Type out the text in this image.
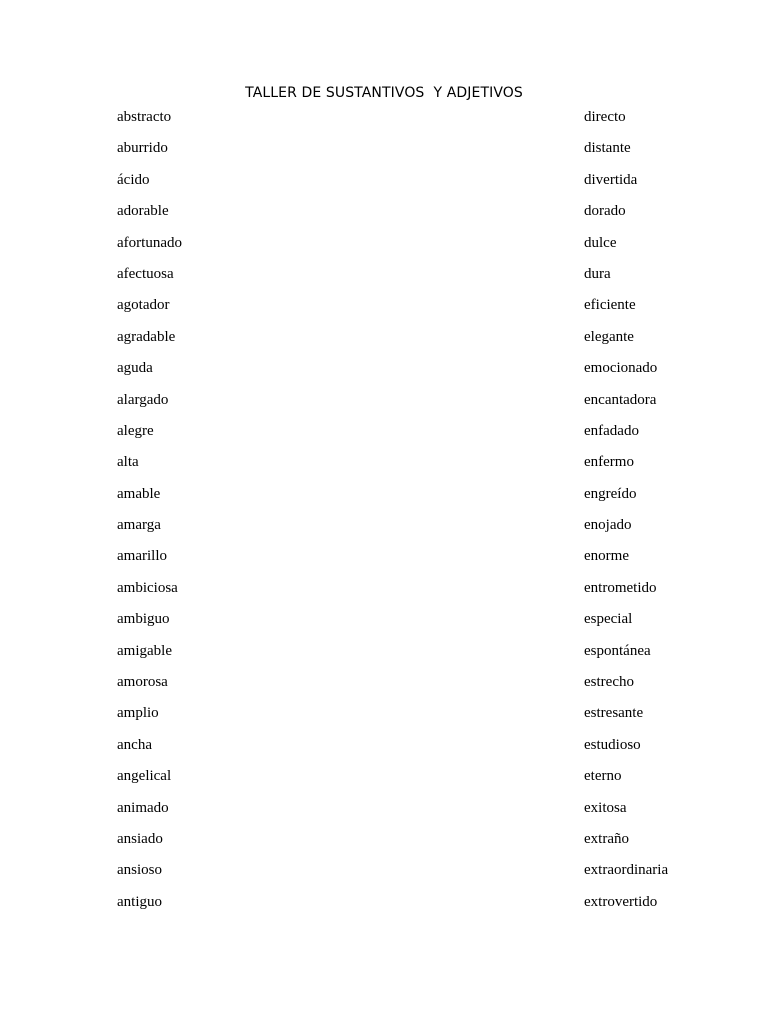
TALLER DE SUSTANTIVOS  Y ADJETIVOS
abstracto
aburrido
ácido
adorable
afortunado
afectuosa
agotador
agradable
aguda
alargado
alegre
alta
amable
amarga
amarillo
ambiciosa
ambiguo
amigable
amorosa
amplio
ancha
angelical
animado
ansiado
ansioso
antiguo
directo
distante
divertida
dorado
dulce
dura
eficiente
elegante
emocionado
encantadora
enfadado
enfermo
engreído
enojado
enorme
entrometido
especial
espontánea
estrecho
estresante
estudioso
eterno
exitosa
extraño
extraordinaria
extrovertido
